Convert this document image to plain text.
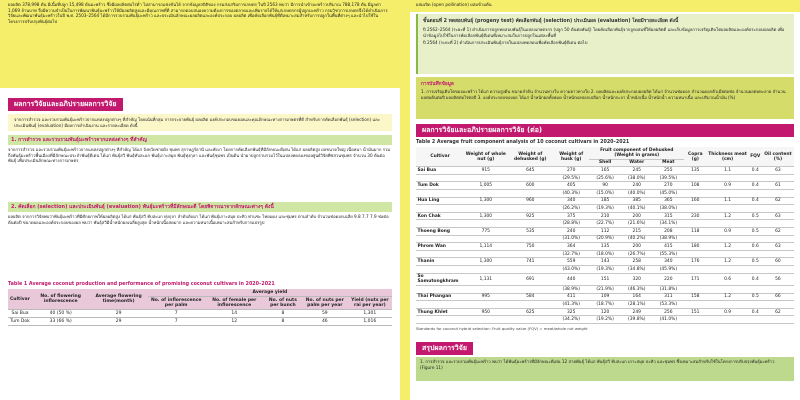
ผลผลิต 378,998 ตัน มีเนื้อที่ปลูก 15,498 ต้นมะพร้าว ซึ่งมีผลผลิตต่อไร่ต่ำ ไม่สามารถแข่งขันได้ จากข้อมูลสถิติของ กรมส่งเสริมการเกษตร ในปี 2563 พบว่า มีการนำเข้ามะพร้าวปริมาณ 788,178 ตัน มีมูลค่า 1,069 ล้านบาท จึงมีความจำเป็นในการพัฒนาพันธุ์มะพร้าวให้มีผลผลิตสูงและมีคุณภาพที่ดี สามารถตอบสนองความต้องการของตลาดและเพิ่มรายได้ให้แก่เกษตรกรผู้ปลูกมะพร้าว กรมวิชาการเกษตรจึงได้ดำเนินการวิจัยและพัฒนาพันธุ์มะพร้าวในปี พ.ศ. 2503–2564 ได้มีการรวบรวมพันธุ์มะพร้าว และประเมินลักษณะผลผลิตและองค์ประกอบ ผลผลิต เพื่อคัดเลือกพันธุ์ที่ดีเหมาะสมสำหรับการปลูกในพื้นที่ต่างๆ และนำไปใช้ในโครงการปรับปรุงพันธุ์ต่อไป
ผลการวิจัยและอภิปรายผลการวิจัย
จากการสำรวจ และรวบรวมพันธุ์มะพร้าวจากแหล่งปลูกต่างๆ ที่สำคัญ โดยเน้นที่กลุ่ม การกระจายพันธุ์ ผลผลิต องค์ประกอบของผลและคุณลักษณะทางการเกษตรที่ดี สำหรับการคัดเลือกพันธุ์ (selection) และประเมินพันธุ์ (evaluation) มีผลการดำเนินงาน และรายละเอียด ดังนี้
1. การสำรวจ และรวบรวมพันธุ์มะพร้าวจากแหล่งต่างๆ ที่สำคัญ
จากการสำรวจ และรวบรวมพันธุ์มะพร้าวจากแหล่งปลูกต่างๆ ที่สำคัญ ได้แก่ จังหวัดชายฝั่ง ชุมพร สุราษฎร์ธานี และพังงา โดยการคัดเลือกพันธุ์ที่มีลักษณะดีเด่น ได้แก่ ผลผลิตสูง ผลขนาดใหญ่ เนื้อหนา น้ำมันมาก รวมถึงพันธุ์มะพร้าวพื้นเมืองที่มีลักษณะประจำพันธุ์ดีเด่น ได้แก่ พันธุ์สวี พันธุ์ทับสะแก พันธุ์เกาะสมุย พันธุ์ทุ่งกุลา และพันธุ์ชุมพร เป็นต้น นำมาปลูกรวบรวมไว้ในแปลงทดลองของศูนย์วิจัยพืชสวนชุมพร จำนวน 30 ต้นต่อพันธุ์ เพื่อประเมินลักษณะทางการเกษตร
2. คัดเลือก (selection) และประเมินพันธุ์ (evaluation) พันธุ์มะพร้าวที่มีลักษณะดี โดยพิจารณาจากลักษณะต่างๆ ดังนี้
ผลผลิต จากการวิจัยพบว่าพันธุ์มะพร้าวที่มีศักยภาพให้ผลผลิตสูง ได้แก่ พันธุ์สวี ทับสะแก ทุ่งกุลา ลำดับถัดมา ได้แก่ พันธุ์เกาะสมุย ปะทิว ท่าแซะ ไทยแดง และชุมพร ตามลำดับ จำนวนช่อดอกเฉลี่ย 9.8 7.7 7.9 ช่อต่อต้นต่อปี ขนาดผลและองค์ประกอบของผล พบว่า พันธุ์สวีมีน้ำหนักผลเฉลี่ยสูงสุด น้ำหนักเนื้อสดมาก และความหนาเนื้อเหมาะสมสำหรับการแปรรูป
Table 1 Average coconut production and performance of promising coconut cultivars in 2020–2021
Cultivar	No. of flowering inflorescence	Average flowering time(month)	Average yield				
			No. of inflorescence per palm	No. of female per inflorescence	No. of nuts per bunch	No. of nuts per palm per year	Yield (nuts per rai per year)
Sai Bua	40 (50 %)	29	7	14	8	59	1,301
Tum Dok	33 (66 %)	29	7	12	8	46	1,016
ผสมเปิด (open pollination) ผสมข้ามต้น
ขั้นตอนที่ 2 ทดสอบพันธุ์ (progeny test) คัดเลือกพันธุ์ (selection) ประเมินผล (evaluation) โดยมีรายละเอียด ดังนี้
ปี 2562–2564 (ระยะที่ 1) ดำเนินการปลูกทดสอบพันธุ์ในแปลงเกษตรกร (ปลูก 50 ต้นต่อพันธุ์) โดยคัดเลือกพันธุ์จากลูกผสมที่ให้ผลผลิตดี และเก็บข้อมูลการเจริญเติบโตผลผลิตและองค์ประกอบผลผลิต เพื่อนำข้อมูลไปใช้ในการคัดเลือกพันธุ์ดีเด่นที่เหมาะสมในการปลูกในแต่ละพื้นที่
ปี 2564 (ระยะที่ 2) ดำเนินการประเมินพันธุ์ภายในแปลงทดสอบเพื่อคัดเลือกพันธุ์ดีเด่น ต่อไป
การบันทึกข้อมูล
1. การเจริญเติบโตของมะพร้าว ได้แก่ ความสูงต้น ขนาดลำต้น จำนวนทางใบ ความยาวทางใบ 2. ผลผลิตและองค์ประกอบผลผลิต ได้แก่ จำนวนช่อดอก จำนวนดอกตัวเมียต่อช่อ จำนวนผลต่อทะลาย จำนวนผลต่อต้นต่อปี ผลผลิตต่อไร่ต่อปี 3. องค์ประกอบของผล ได้แก่ น้ำหนักผลทั้งหมด น้ำหนักผลปอกเปลือก น้ำหนักกะลา น้ำหนักเนื้อ น้ำหนักน้ำ ความหนาเนื้อ และปริมาณน้ำมัน (%)
ผลการวิจัยและอภิปรายผลการวิจัย (ต่อ)
Table 2 Average fruit component analysis of 10 coconut cultivars in 2020–2021
Cultivar	Weight of whole nut (g)	Weight of dehusked (g)	Weight of husk (g)	Fruit component of Dehusked (Weight in grams)			Copra (g)	Thickness meat (cm)	FQV	Oil content (%)
				Shell	Water	Meat				
Sai Bua	915	645	270	165	245	255	135	1.1	0.4	63
			(29.5%)	(25.6%)	(38.0%)	(39.5%)				
Tum Dok	1,005	600	405	90	240	270	108	0.9	0.4	61
			(40.3%)	(15.0%)	(40.0%)	(45.0%)				
Hua Ling	1,300	960	340	185	385	365	160	1.1	0.4	62
			(26.2%)	(19.3%)	(40.1%)	(38.0%)				
Kon Chak	1,300	925	375	210	200	315	230	1.2	0.5	63
			(28.8%)	(22.7%)	(21.6%)	(34.1%)				
Thoeng Bong	775	535	240	112	215	208	118	0.9	0.5	62
			(31.0%)	(20.9%)	(40.2%)	(38.9%)				
Phrom Wan	1,114	750	364	135	200	415	180	1.2	0.6	63
			(32.7%)	(18.0%)	(26.7%)	(55.3%)				
Thanin	1,300	741	559	143	258	340	176	1.2	0.5	60
			(43.0%)	(19.3%)	(34.8%)	(45.9%)				
So Samutongkhram	1,131	691	440	151	320	220	171	0.6	0.4	56
			(38.9%)	(21.9%)	(46.3%)	(31.8%)				
Thai Phangan	995	584	411	109	164	311	158	1.2	0.5	66
			(41.3%)	(18.7%)	(28.1%)	(53.3%)				
Thung Khlet	950	625	325	120	249	256	151	0.9	0.4	62
			(34.2%)	(19.2%)	(39.8%)	(41.0%)				
Standards for coconut hybrid selection: Fruit quality value (FQV) = meat/whole nut weight
สรุปผลการวิจัย
1. การสำรวจ และรวบรวมพันธุ์มะพร้าว พบว่า ได้พันธุ์มะพร้าวที่มีลักษณะดีเด่น 12 สายพันธุ์ ได้แก่ พันธุ์สวี ทับสะแก เกาะสมุย ปะทิว และชุมพร ซึ่งเหมาะสมสำหรับใช้ในโครงการปรับปรุงพันธุ์มะพร้าว (Figure 11)
